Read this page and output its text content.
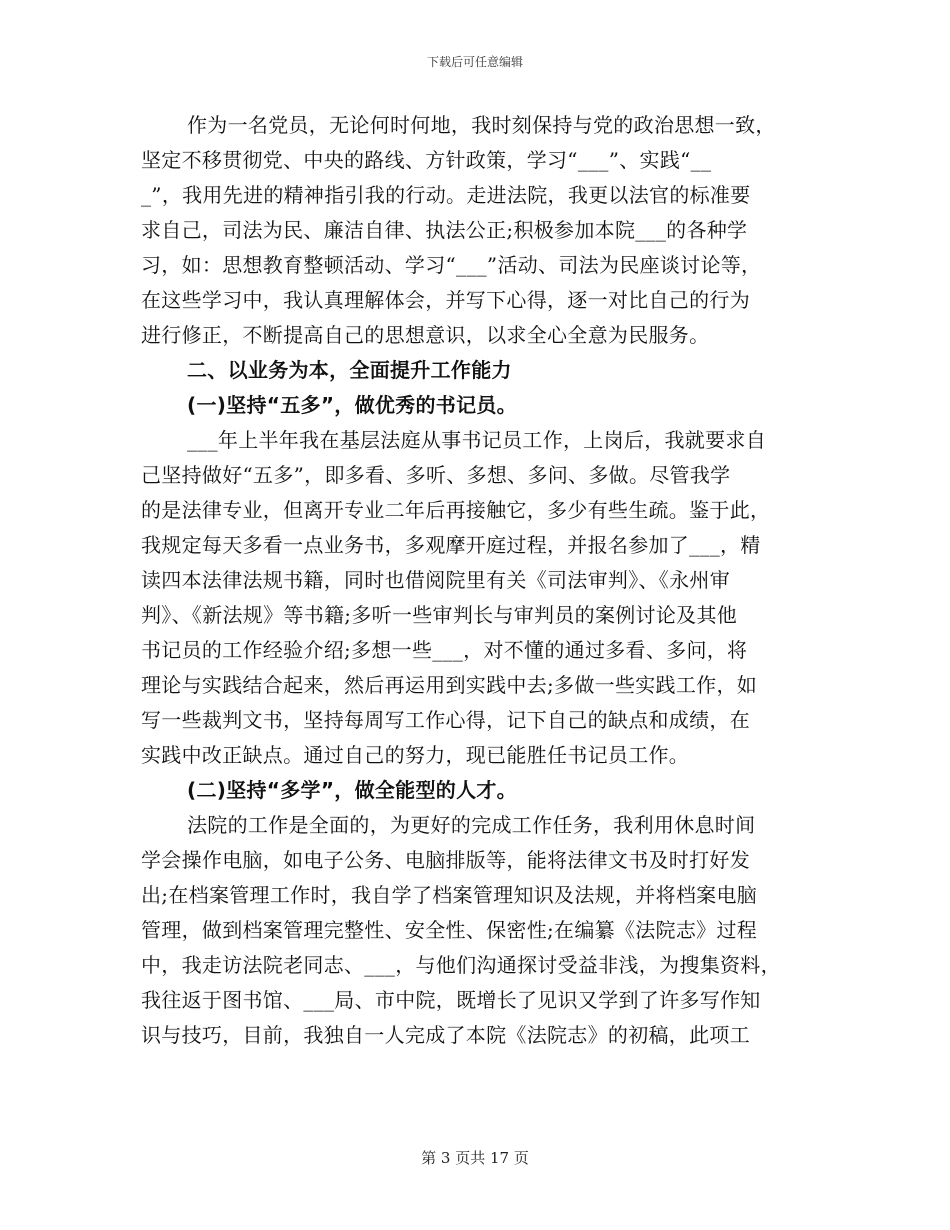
下载后可任意编辑
作为一名党员，无论何时何地，我时刻保持与党的政治思想一致，
坚定不移贯彻党、中央的路线、方针政策，学习“___”、实践“__
_”，我用先进的精神指引我的行动。走进法院，我更以法官的标准要
求自己，司法为民、廉洁自律、执法公正;积极参加本院___的各种学
习，如：思想教育整顿活动、学习“___”活动、司法为民座谈讨论等，
在这些学习中，我认真理解体会，并写下心得，逐一对比自己的行为
进行修正，不断提高自己的思想意识，以求全心全意为民服务。
二、以业务为本，全面提升工作能力
(一)坚持“五多”，做优秀的书记员。
___年上半年我在基层法庭从事书记员工作，上岗后，我就要求自
己坚持做好“五多”，即多看、多听、多想、多问、多做。尽管我学
的是法律专业，但离开专业二年后再接触它，多少有些生疏。鉴于此，
我规定每天多看一点业务书，多观摩开庭过程，并报名参加了___，精
读四本法律法规书籍，同时也借阅院里有关《司法审判》、《永州审
判》、《新法规》等书籍;多听一些审判长与审判员的案例讨论及其他
书记员的工作经验介绍;多想一些___，对不懂的通过多看、多问，将
理论与实践结合起来，然后再运用到实践中去;多做一些实践工作，如
写一些裁判文书，坚持每周写工作心得，记下自己的缺点和成绩，在
实践中改正缺点。通过自己的努力，现已能胜任书记员工作。
(二)坚持“多学”，做全能型的人才。
法院的工作是全面的，为更好的完成工作任务，我利用休息时间
学会操作电脑，如电子公务、电脑排版等，能将法律文书及时打好发
出;在档案管理工作时，我自学了档案管理知识及法规，并将档案电脑
管理，做到档案管理完整性、安全性、保密性;在编纂《法院志》过程
中，我走访法院老同志、___，与他们沟通探讨受益非浅，为搜集资料，
我往返于图书馆、___局、市中院，既增长了见识又学到了许多写作知
识与技巧，目前，我独自一人完成了本院《法院志》的初稿，此项工
第 3 页共 17 页
